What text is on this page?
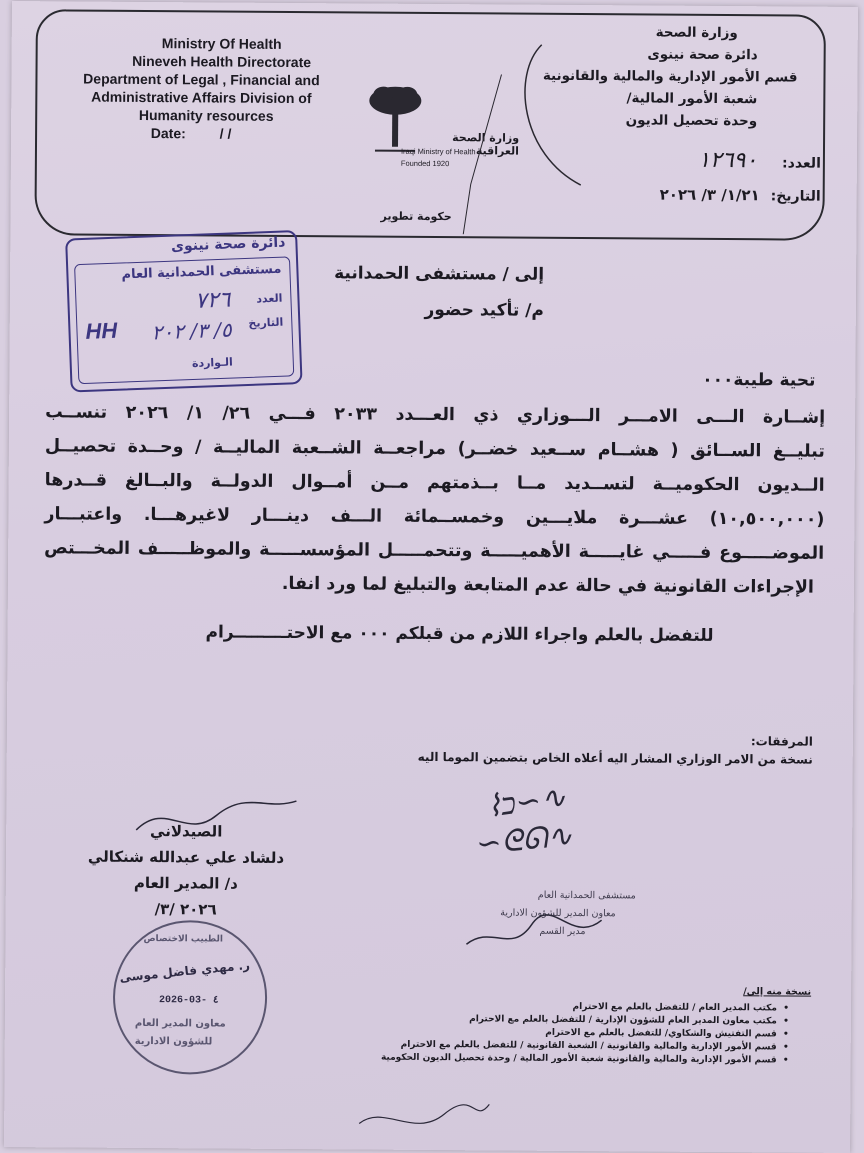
Ministry Of Health
Nineveh Health Directorate
Department of Legal , Financial and
Administrative Affairs Division of
Humanity resources
Date: / /	وزارة الصحة العراقية
Iraqi Ministry of Health
Founded 1920
وزارة الصحة
دائرة صحة نينوى
قسم الأمور الإدارية والمالية والقانونية
شعبة الأمور المالية/
وحدة تحصيل الديون
العدد: ١٢٦٩٠
التاريخ: ١/٢١/ ٣/ ٢٠٢٦
حكومة تطوير
دائرة صحة نينوى
مستشفى الحمدانية العام
HH
العدد
٧٢٦
التاريخ
٥/ ٣/ ٢٠٢
الـواردة
إلى / مستشفى الحمدانية
م/ تأكيد حضور
تحية طيبة٠٠٠
إشــارة الـــى الامـــر الـــوزاري ذي العـــدد ٢٠٣٣ فـــي ٢٦/ ١/ ٢٠٢٦ تنســب
تبليــغ الســائق ( هشــام ســعيد خضــر) مراجعــة الشــعبة الماليــة / وحــدة تحصيــل
الــديون الحكوميــة لتســديد مــا بــذمتهم مــن أمــوال الدولــة والبــالغ قــدرها
(١٠,٥٠٠,٠٠٠) عشـــرة ملايـــين وخمســمائة الـــف دينـــار لاغيرهـــا. واعتبـــار
الموضـــــوع فـــــي غايـــــة الأهميـــــة وتتحمـــــل المؤسســـــة والموظـــــف المخـــتص
الإجراءات القانونية في حالة عدم المتابعة والتبليغ لما ورد انفا.
للتفضل بالعلم واجراء اللازم من قبلكم ٠٠٠ مع الاحتـــــــــرام
المرفقات:
نسخة من الامر الوزاري المشار اليه أعلاه الخاص بتضمين الموما اليه
⌇ﬤ∽∿
∽ᘓᘏ∿
الصيدلاني
دلشاد علي عبدالله شنكالي
د/ المدير العام
٢٠٢٦ /٣/
الطبيب الاختصاص
ر. مهدي فاضل موسى
2026-03- ٤
معاون المدير العام
للشؤون الادارية
مستشفى الحمدانية العام
معاون المدير للشؤون الادارية
مدير القسم
نسخة منه إلى/
• مكتب المدير العام / للتفضل بالعلم مع الاحترام
• مكتب معاون المدير العام للشؤون الإدارية / للتفضل بالعلم مع الاحترام
• قسم التفتيش والشكاوي/ للتفضل بالعلم مع الاحترام
• قسم الأمور الإدارية والمالية والقانونية / الشعبة القانونية / للتفضل بالعلم مع الاحترام
• قسم الأمور الإدارية والمالية والقانونية شعبة الأمور المالية / وحدة تحصيل الديون الحكومية
